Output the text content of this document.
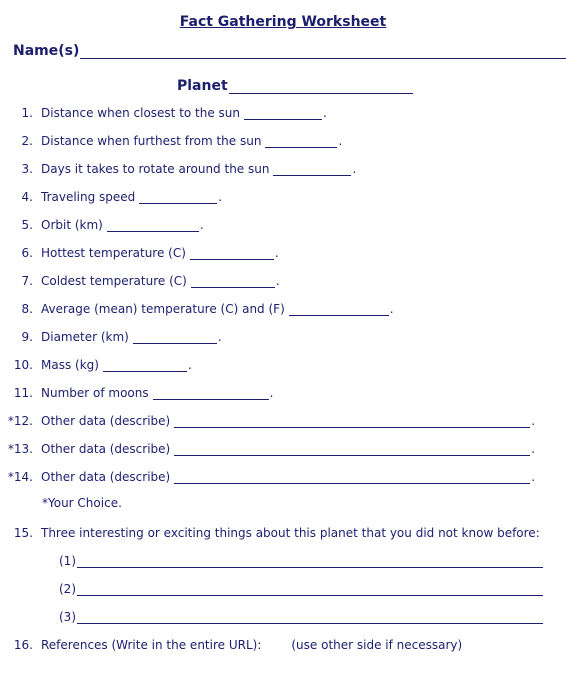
Fact Gathering Worksheet
Name(s)
Planet
1. Distance when closest to the sun	.
2. Distance when furthest from the sun	.
3. Days it takes to rotate around the sun	.
4. Traveling speed	.
5. Orbit (km)	.
6. Hottest temperature (C)	.
7. Coldest temperature (C)	.
8. Average (mean) temperature (C) and (F)	.
9. Diameter (km)	.
10. Mass (kg)	.
11. Number of moons	.
*12. Other data (describe)	.
*13. Other data (describe)	.
*14. Other data (describe)	.
*Your Choice.
15. Three interesting or exciting things about this planet that you did not know before:
(1)
(2)
(3)
16. References (Write in the entire URL):	(use other side if necessary)
